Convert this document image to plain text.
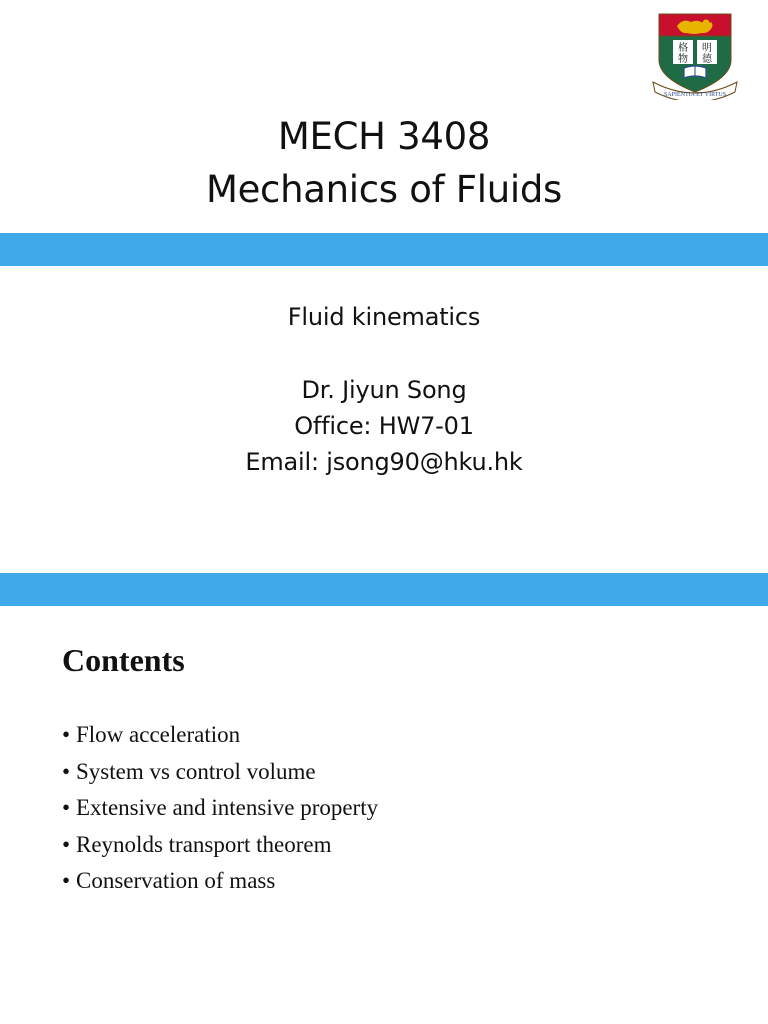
格 明
物 德
SAPIENTIA ET VIRTUS
MECH 3408
Mechanics of Fluids
Fluid kinematics
Dr. Jiyun Song
Office: HW7-01
Email: jsong90@hku.hk
Contents
• Flow acceleration
• System vs control volume
• Extensive and intensive property
• Reynolds transport theorem
• Conservation of mass
